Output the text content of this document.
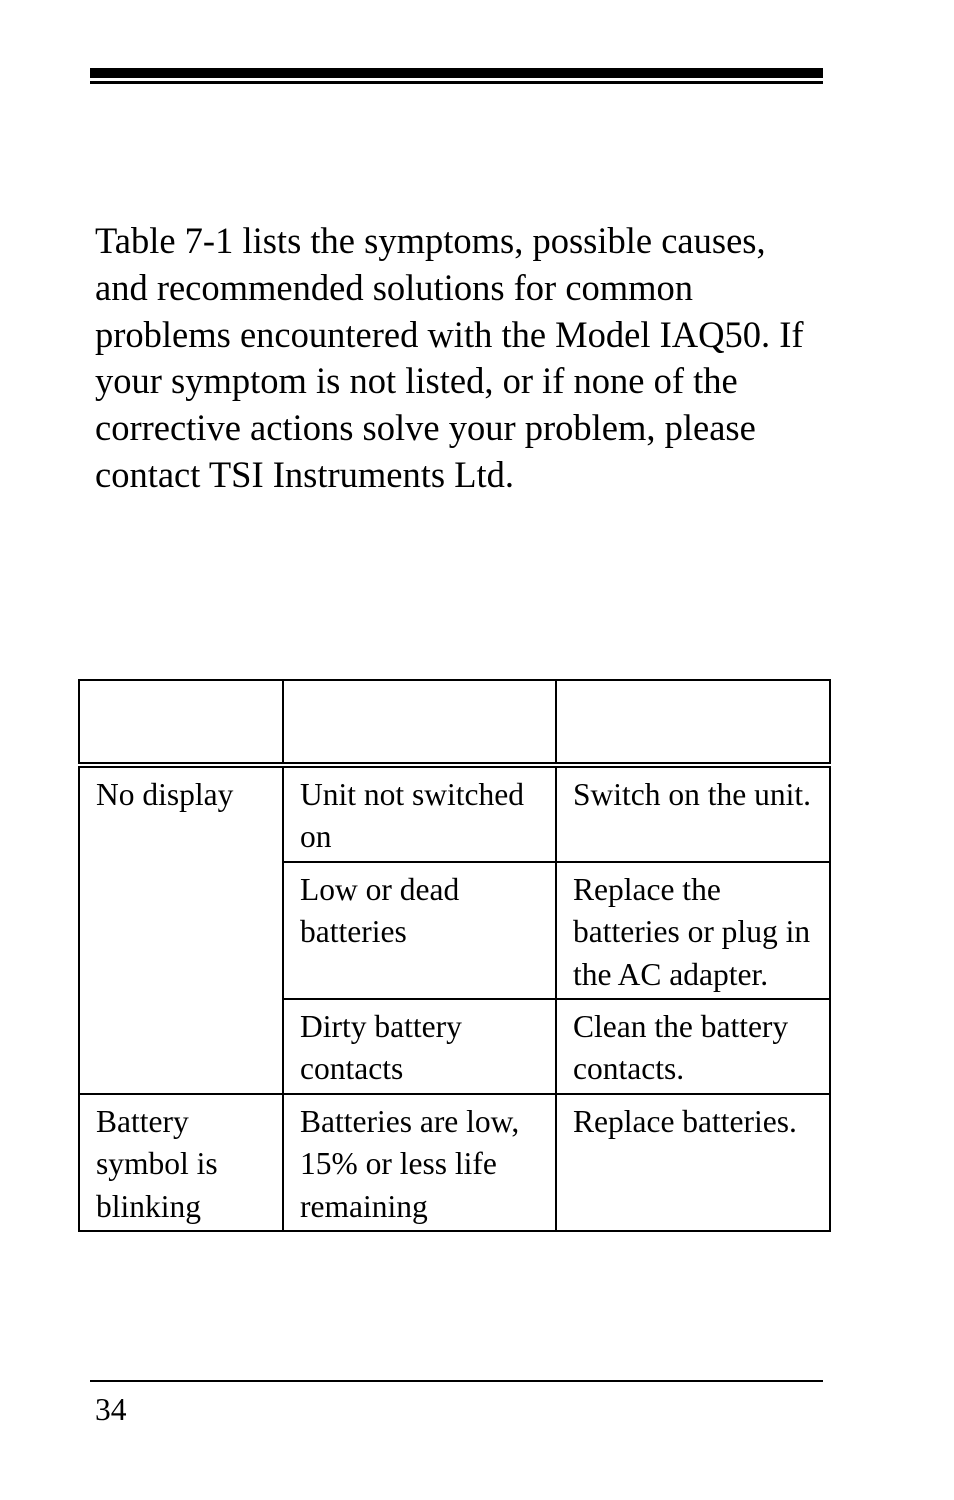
Table 7-1 lists the symptoms, possible causes, and recommended solutions for common problems encountered with the Model IAQ50. If your symptom is not listed, or if none of the corrective actions solve your problem, please contact TSI Instruments Ltd.

No display	Unit not switched on	Switch on the unit.
	Low or dead batteries	Replace the batteries or plug in the AC adapter.
	Dirty battery contacts	Clean the battery contacts.
Battery symbol is blinking	Batteries are low, 15% or less life remaining	Replace batteries.
34
